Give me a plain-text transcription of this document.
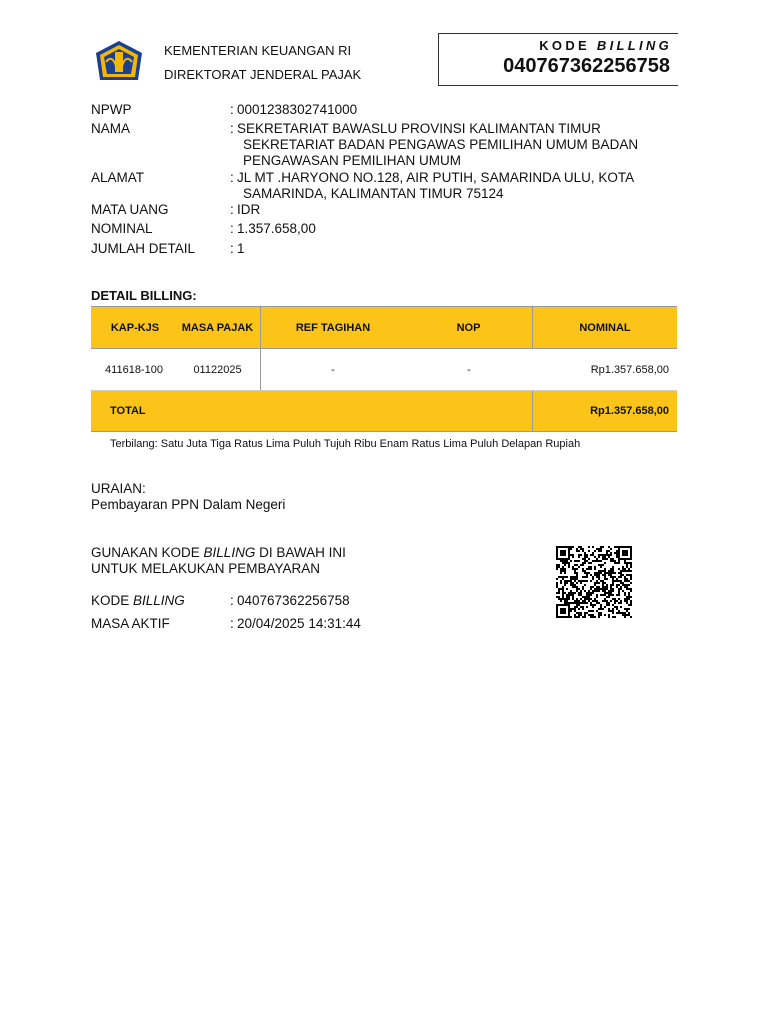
KEMENTERIAN KEUANGAN RI
DIREKTORAT JENDERAL PAJAK
KODE BILLING
040767362256758
NPWP	: 0001238302741000
NAMA	: SEKRETARIAT BAWASLU PROVINSI KALIMANTAN TIMUR
SEKRETARIAT BADAN PENGAWAS PEMILIHAN UMUM BADAN
PENGAWASAN PEMILIHAN UMUM
ALAMAT	: JL MT .HARYONO NO.128, AIR PUTIH, SAMARINDA ULU, KOTA
SAMARINDA, KALIMANTAN TIMUR 75124
MATA UANG	: IDR
NOMINAL	: 1.357.658,00
JUMLAH DETAIL	: 1
DETAIL BILLING:
KAP-KJS	MASA PAJAK	REF TAGIHAN	NOP	NOMINAL
411618-100	01122025	-	-	Rp1.357.658,00
TOTAL	Rp1.357.658,00
Terbilang: Satu Juta Tiga Ratus Lima Puluh Tujuh Ribu Enam Ratus Lima Puluh Delapan Rupiah
URAIAN:
Pembayaran PPN Dalam Negeri
GUNAKAN KODE BILLING DI BAWAH INI
UNTUK MELAKUKAN PEMBAYARAN
KODE BILLING	: 040767362256758
MASA AKTIF	: 20/04/2025 14:31:44
